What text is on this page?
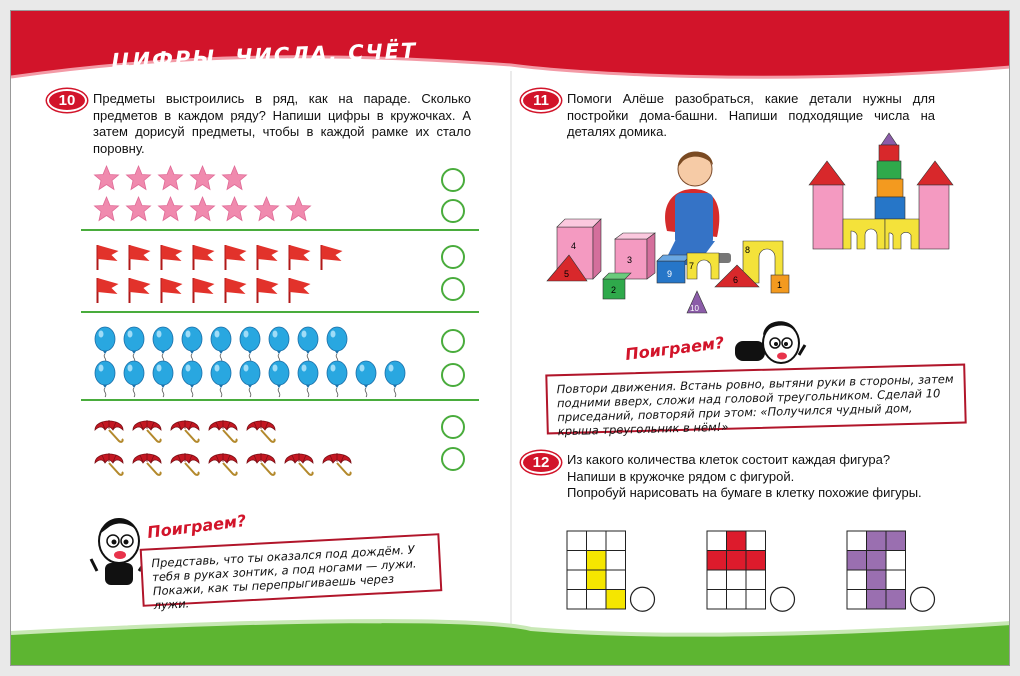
ЦИФРЫ, ЧИСЛА, СЧЁТ
10	Предметы выстроились в ряд, как на параде. Сколько предметов в каждом ряду? Напиши цифры в кружочках. А затем дорисуй предметы, чтобы в каждой рамке их стало поровну.
Поиграем?
Представь, что ты оказался под дождём. У тебя в руках зонтик, а под ногами — лужи. Покажи, как ты перепрыгиваешь через лужи.
11	Помоги Алёше разобраться, какие детали нужны для постройки дома-башни. Напиши подходящие числа на деталях домика.
4
3
5
2
9
7
8
6	1
10
Поиграем?
Повтори движения. Встань ровно, вытяни руки в стороны, затем подними вверх, сложи над головой треугольником. Сделай 10 приседаний, повторяй при этом: «Получился чудный дом, крыша треугольник в нём!»
12	Из какого количества клеток состоит каждая фигура?
Напиши в кружочке рядом с фигурой.
Попробуй нарисовать на бумаге в клетку похожие фигуры.
